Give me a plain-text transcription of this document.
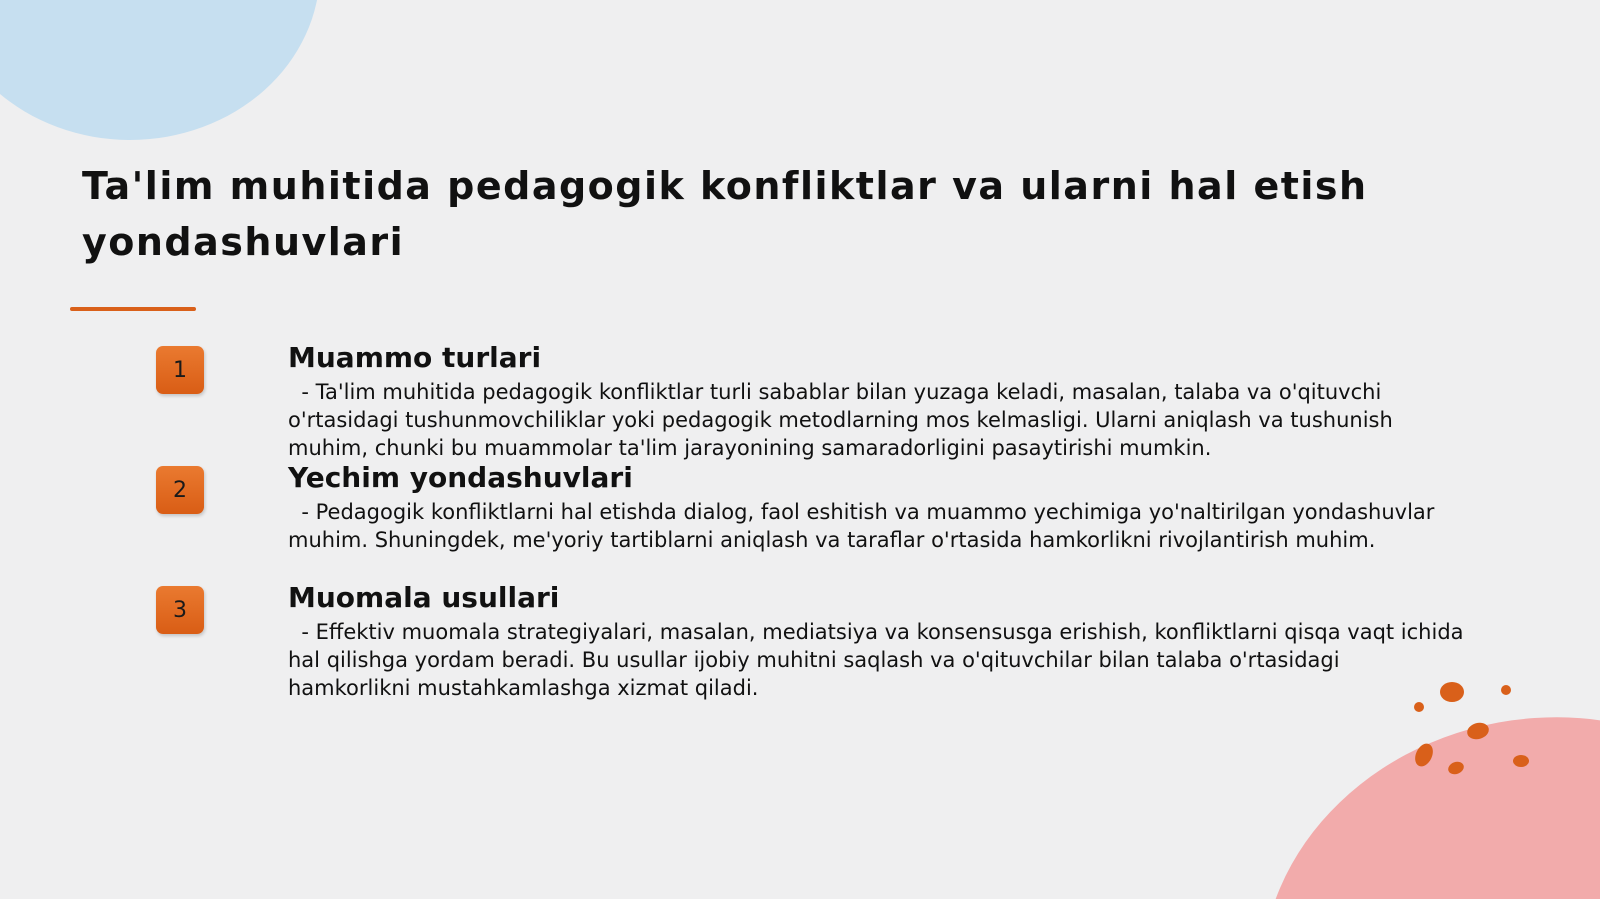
Ta'lim muhitida pedagogik konfliktlar va ularni hal etish yondashuvlari
1	Muammo turlari

- Ta'lim muhitida pedagogik konfliktlar turli sabablar bilan yuzaga keladi, masalan, talaba va o'qituvchi o'rtasidagi tushunmovchiliklar yoki pedagogik metodlarning mos kelmasligi. Ularni aniqlash va tushunish muhim, chunki bu muammolar ta'lim jarayonining samaradorligini pasaytirishi mumkin.

2	Yechim yondashuvlari

- Pedagogik konfliktlarni hal etishda dialog, faol eshitish va muammo yechimiga yo'naltirilgan yondashuvlar muhim. Shuningdek, me'yoriy tartiblarni aniqlash va taraflar o'rtasida hamkorlikni rivojlantirish muhim.

3	Muomala usullari

- Effektiv muomala strategiyalari, masalan, mediatsiya va konsensusga erishish, konfliktlarni qisqa vaqt ichida hal qilishga yordam beradi. Bu usullar ijobiy muhitni saqlash va o'qituvchilar bilan talaba o'rtasidagi hamkorlikni mustahkamlashga xizmat qiladi.
